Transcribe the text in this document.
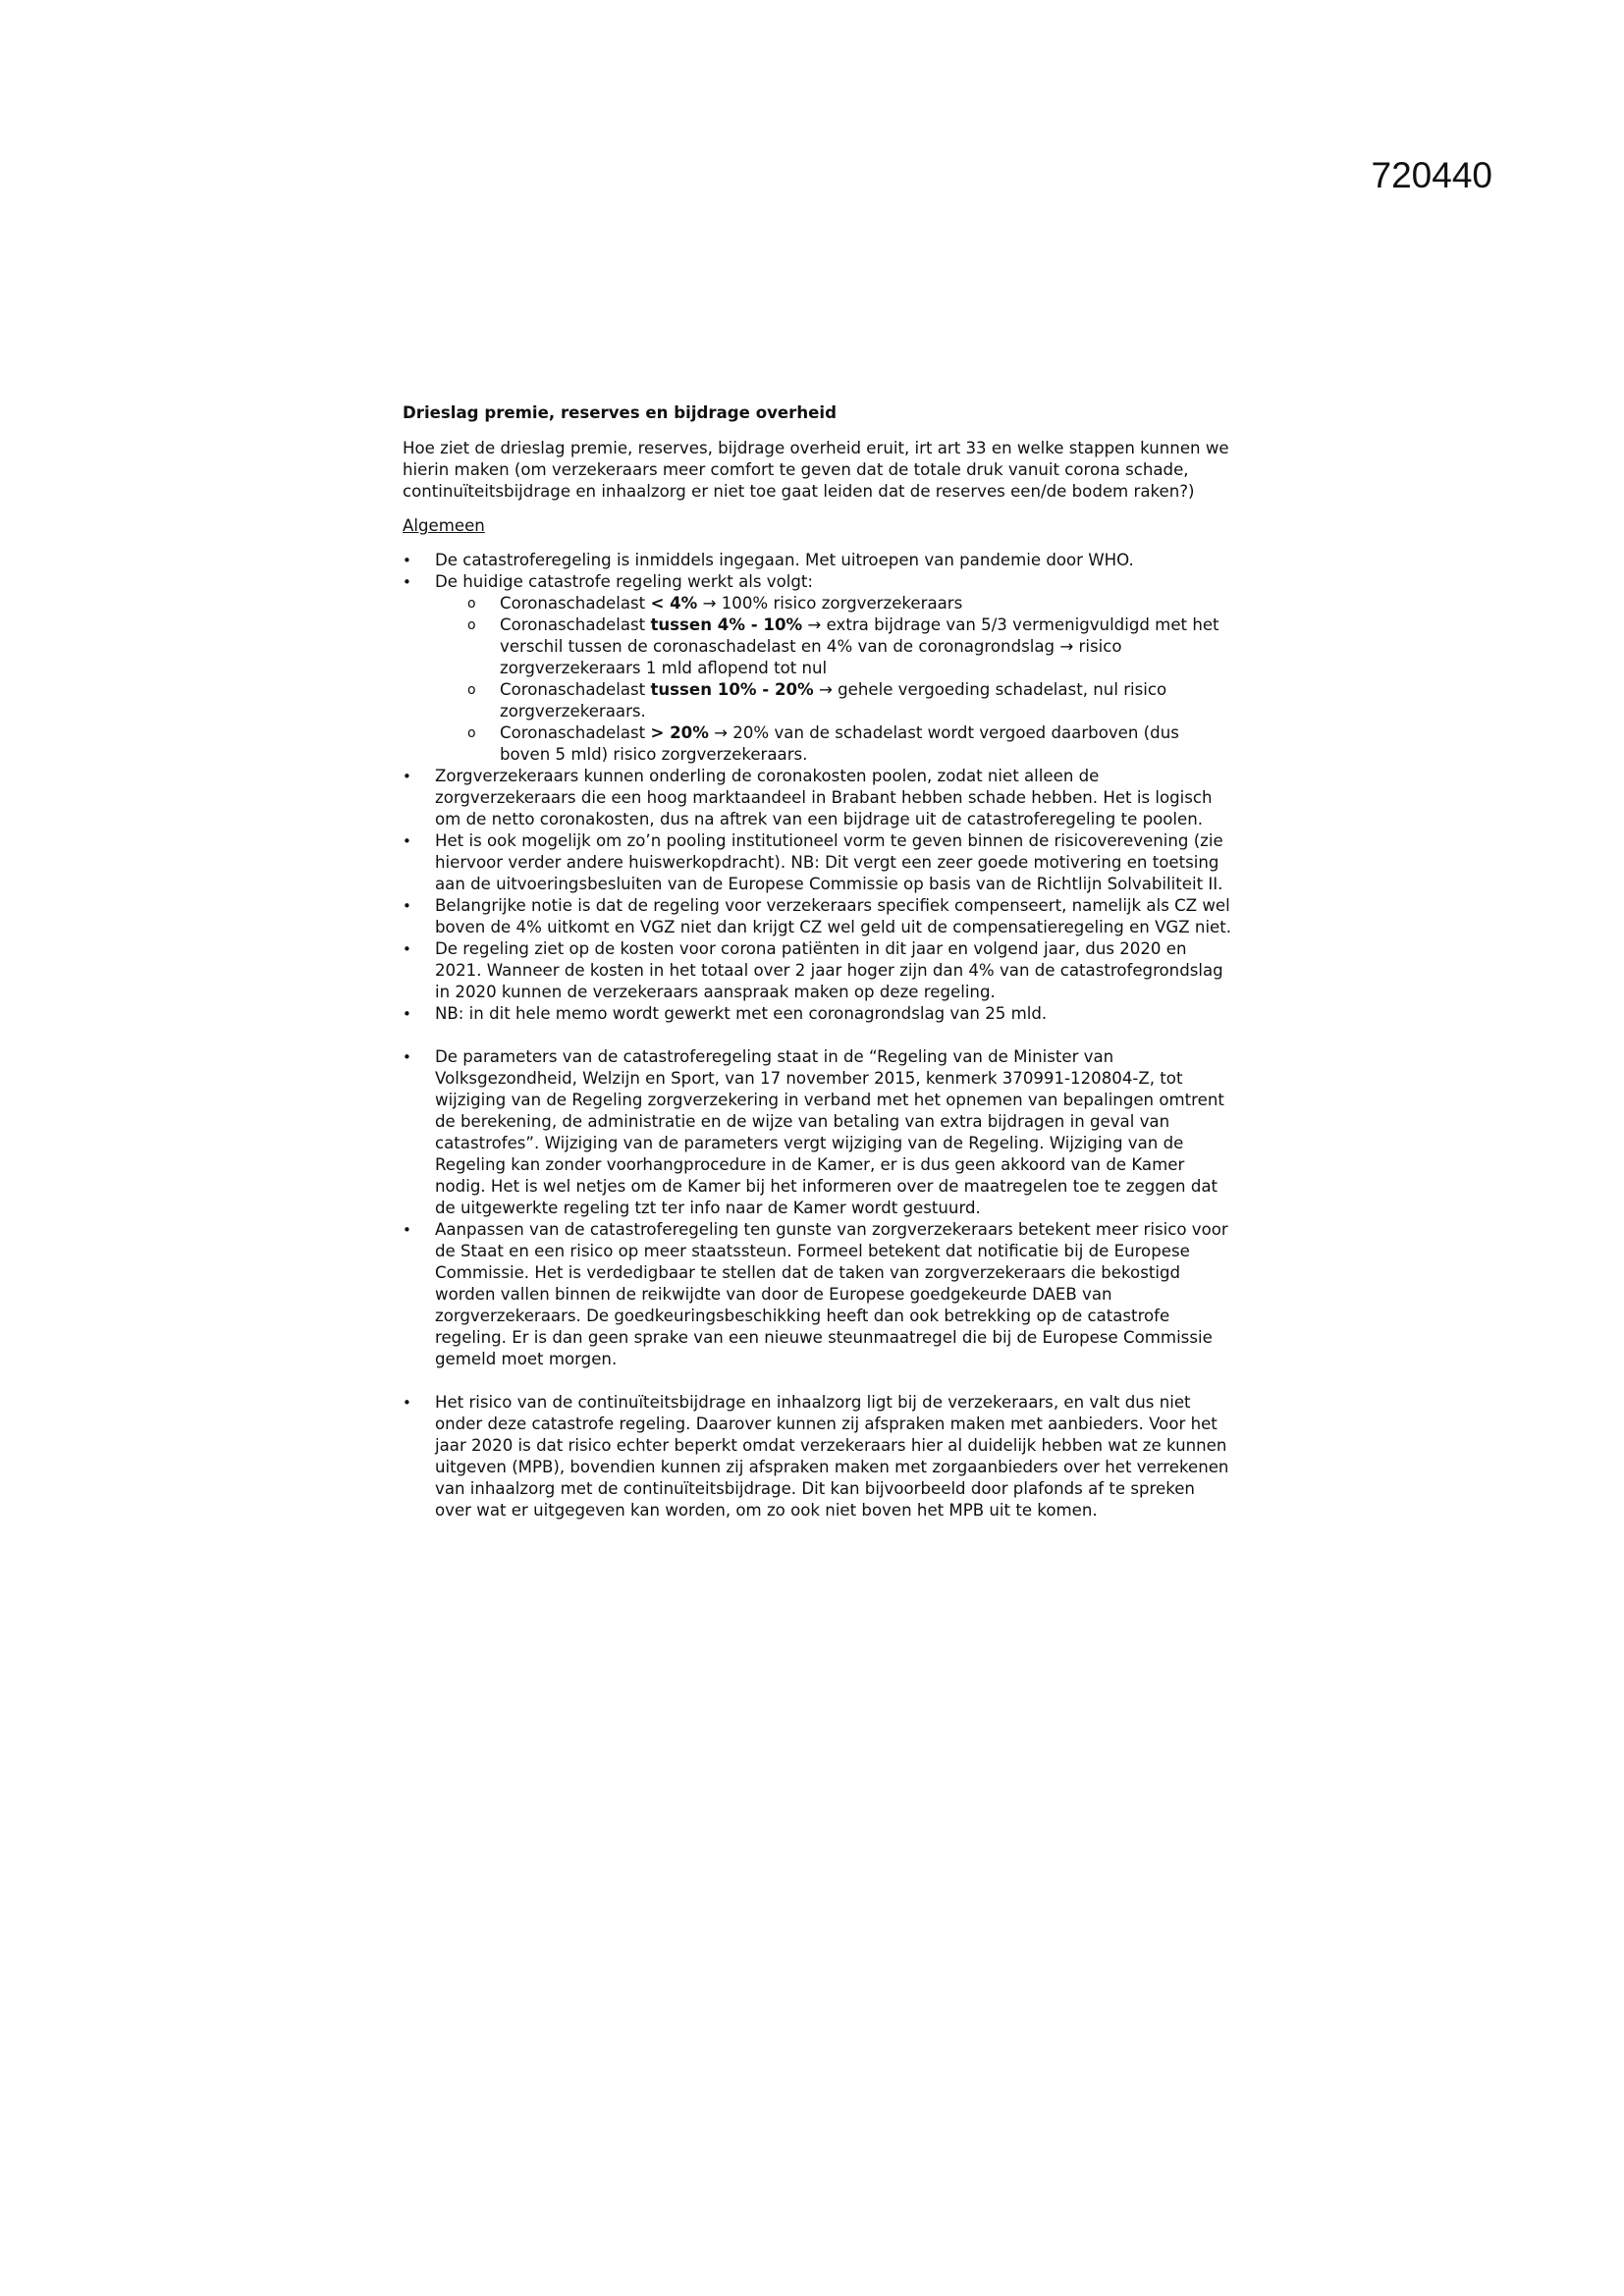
720440

Drieslag premie, reserves en bijdrage overheid

Hoe ziet de drieslag premie, reserves, bijdrage overheid eruit, irt art 33 en welke stappen kunnen we hierin maken (om verzekeraars meer comfort te geven dat de totale druk vanuit corona schade, continuïteitsbijdrage en inhaalzorg er niet toe gaat leiden dat de reserves een/de bodem raken?)

Algemeen

• De catastroferegeling is inmiddels ingegaan. Met uitroepen van pandemie door WHO.
• De huidige catastrofe regeling werkt als volgt:
o Coronaschadelast < 4% → 100% risico zorgverzekeraars
o Coronaschadelast tussen 4% - 10% → extra bijdrage van 5/3 vermenigvuldigd met het verschil tussen de coronaschadelast en 4% van de coronagrondslag → risico zorgverzekeraars 1 mld aflopend tot nul
o Coronaschadelast tussen 10% - 20% → gehele vergoeding schadelast, nul risico zorgverzekeraars.
o Coronaschadelast > 20% → 20% van de schadelast wordt vergoed daarboven (dus boven 5 mld) risico zorgverzekeraars.
• Zorgverzekeraars kunnen onderling de coronakosten poolen, zodat niet alleen de zorgverzekeraars die een hoog marktaandeel in Brabant hebben schade hebben. Het is logisch om de netto coronakosten, dus na aftrek van een bijdrage uit de catastroferegeling te poolen.
• Het is ook mogelijk om zo’n pooling institutioneel vorm te geven binnen de risicoverevening (zie hiervoor verder andere huiswerkopdracht). NB: Dit vergt een zeer goede motivering en toetsing aan de uitvoeringsbesluiten van de Europese Commissie op basis van de Richtlijn Solvabiliteit II.
• Belangrijke notie is dat de regeling voor verzekeraars specifiek compenseert, namelijk als CZ wel boven de 4% uitkomt en VGZ niet dan krijgt CZ wel geld uit de compensatieregeling en VGZ niet.
• De regeling ziet op de kosten voor corona patiënten in dit jaar en volgend jaar, dus 2020 en 2021. Wanneer de kosten in het totaal over 2 jaar hoger zijn dan 4% van de catastrofegrondslag in 2020 kunnen de verzekeraars aanspraak maken op deze regeling.
• NB: in dit hele memo wordt gewerkt met een coronagrondslag van 25 mld.
• De parameters van de catastroferegeling staat in de “Regeling van de Minister van Volksgezondheid, Welzijn en Sport, van 17 november 2015, kenmerk 370991-120804-Z, tot wijziging van de Regeling zorgverzekering in verband met het opnemen van bepalingen omtrent de berekening, de administratie en de wijze van betaling van extra bijdragen in geval van catastrofes”. Wijziging van de parameters vergt wijziging van de Regeling. Wijziging van de Regeling kan zonder voorhangprocedure in de Kamer, er is dus geen akkoord van de Kamer nodig. Het is wel netjes om de Kamer bij het informeren over de maatregelen toe te zeggen dat de uitgewerkte regeling tzt ter info naar de Kamer wordt gestuurd.
• Aanpassen van de catastroferegeling ten gunste van zorgverzekeraars betekent meer risico voor de Staat en een risico op meer staatssteun. Formeel betekent dat notificatie bij de Europese Commissie. Het is verdedigbaar te stellen dat de taken van zorgverzekeraars die bekostigd worden vallen binnen de reikwijdte van door de Europese goedgekeurde DAEB van zorgverzekeraars. De goedkeuringsbeschikking heeft dan ook betrekking op de catastrofe regeling. Er is dan geen sprake van een nieuwe steunmaatregel die bij de Europese Commissie gemeld moet morgen.
• Het risico van de continuïteitsbijdrage en inhaalzorg ligt bij de verzekeraars, en valt dus niet onder deze catastrofe regeling. Daarover kunnen zij afspraken maken met aanbieders. Voor het jaar 2020 is dat risico echter beperkt omdat verzekeraars hier al duidelijk hebben wat ze kunnen uitgeven (MPB), bovendien kunnen zij afspraken maken met zorgaanbieders over het verrekenen van inhaalzorg met de continuïteitsbijdrage. Dit kan bijvoorbeeld door plafonds af te spreken over wat er uitgegeven kan worden, om zo ook niet boven het MPB uit te komen.
